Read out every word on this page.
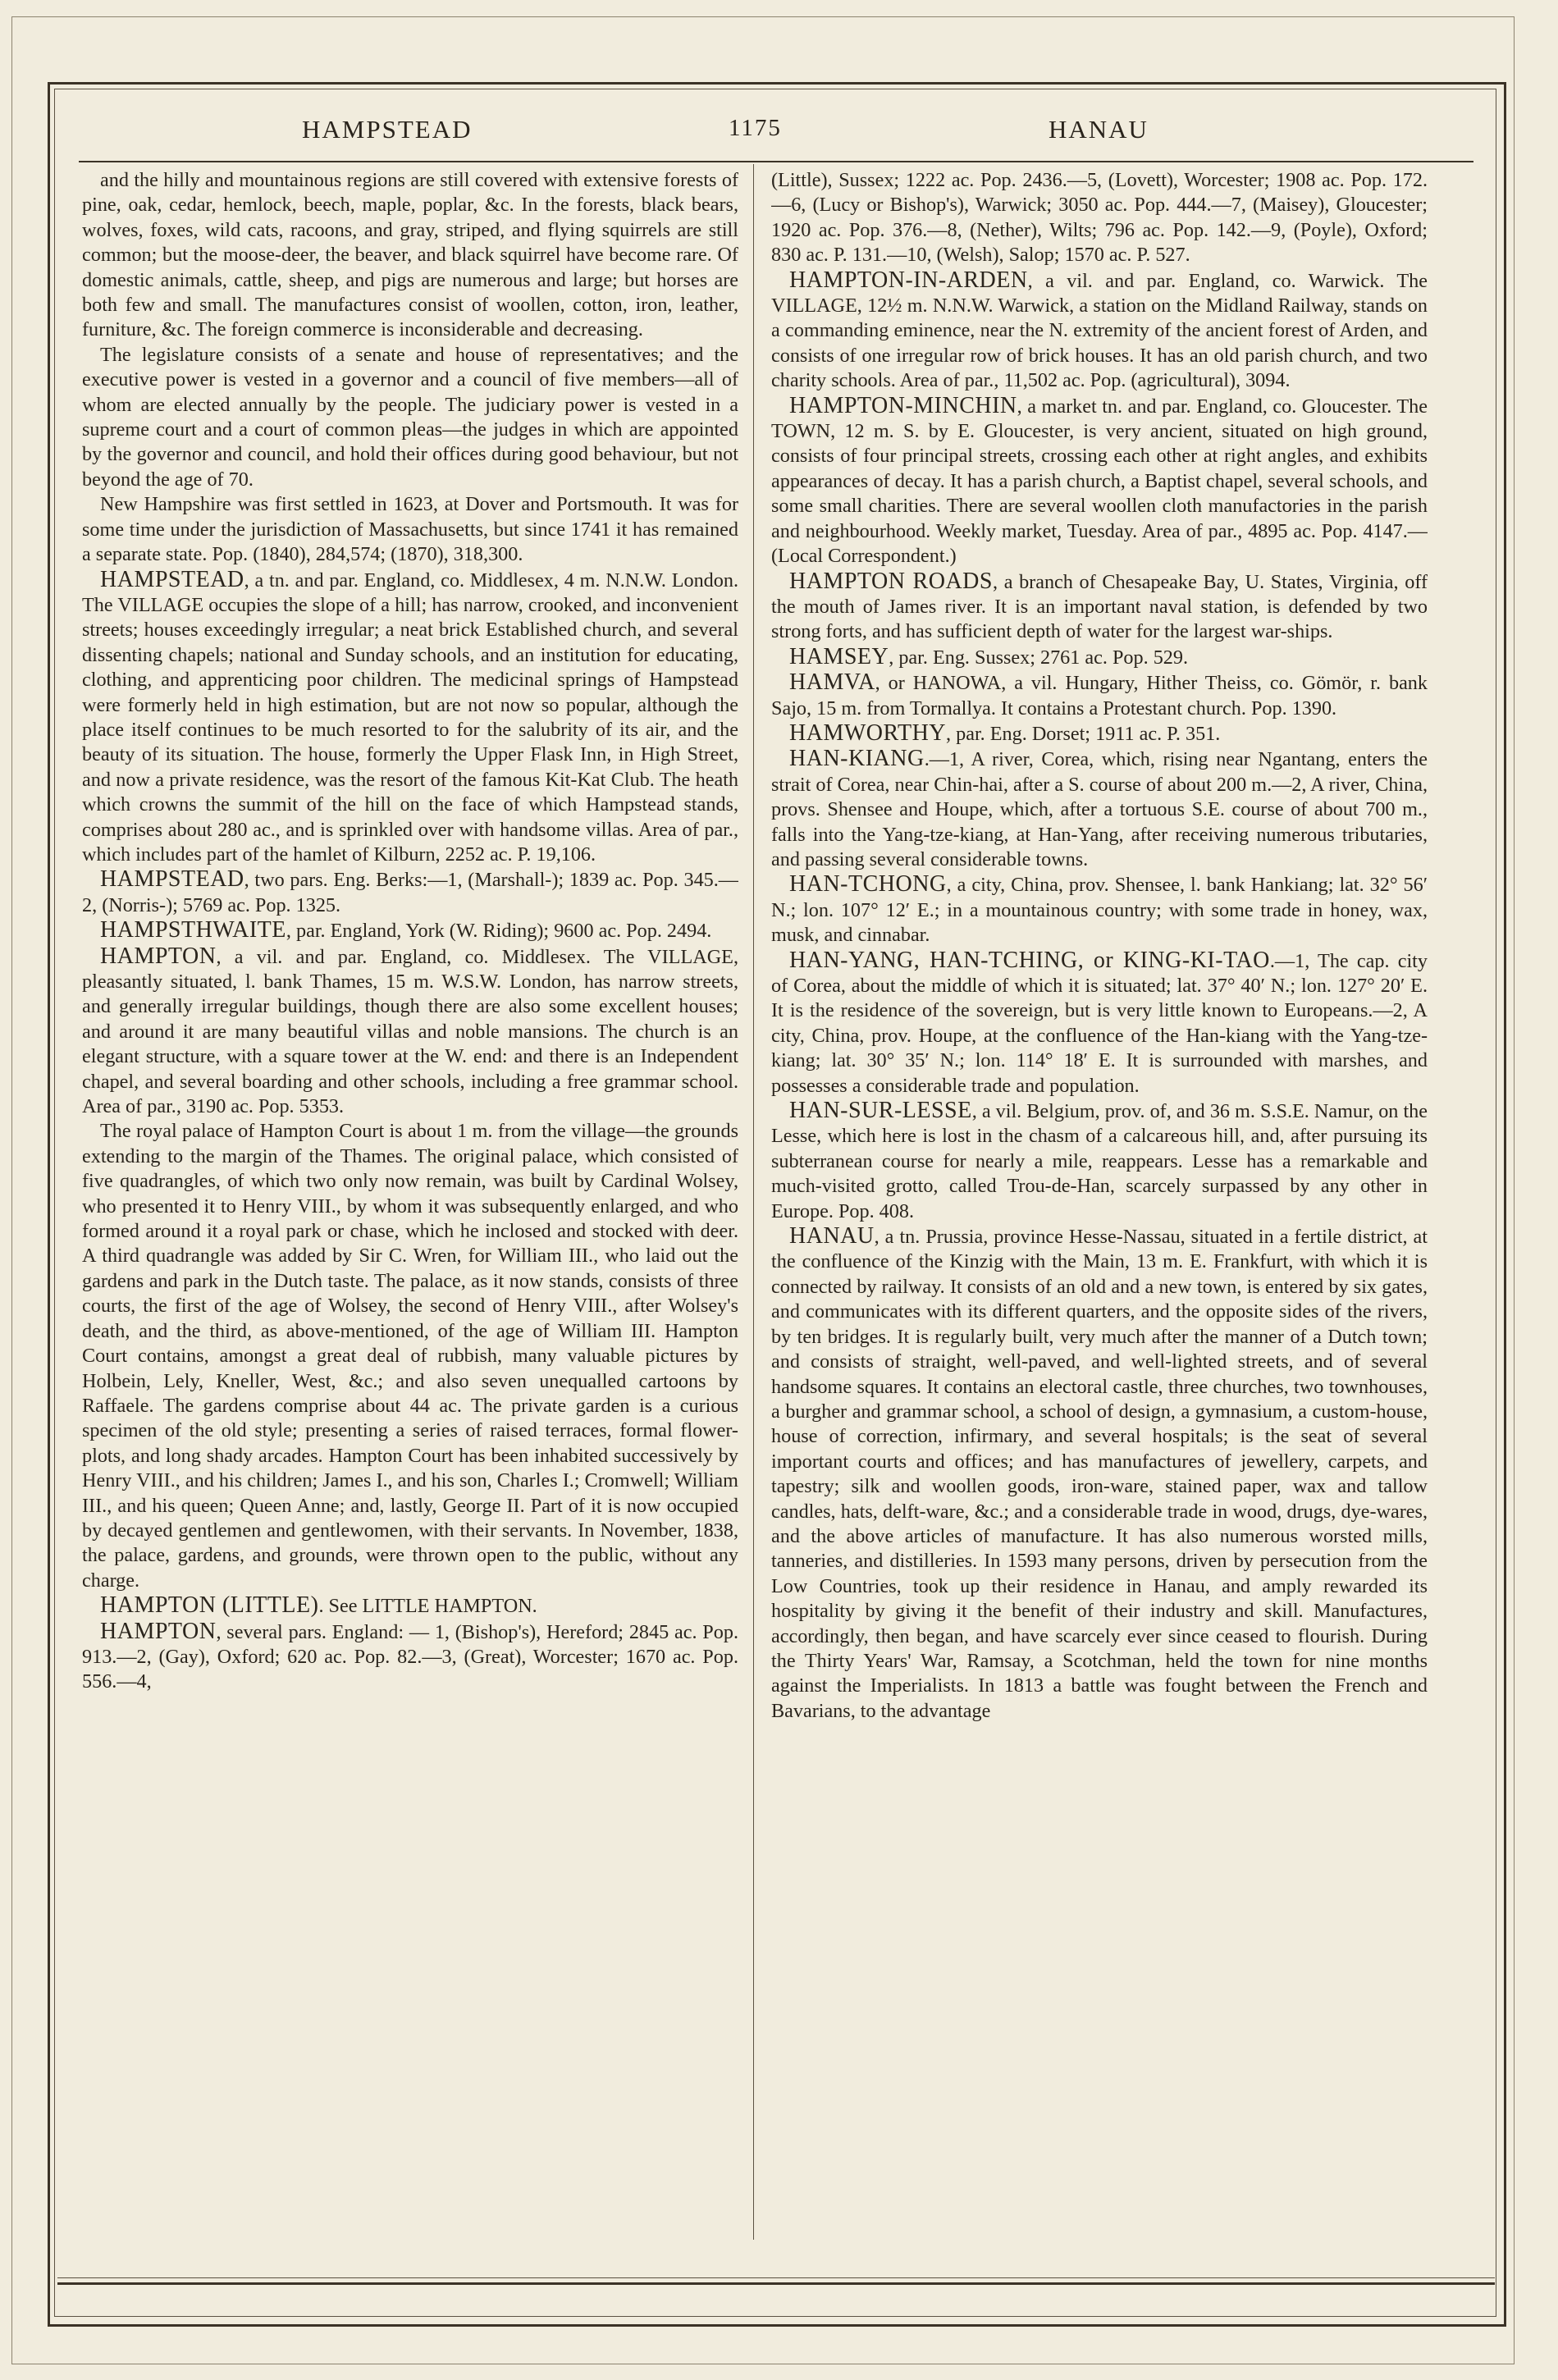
HAMPSTEAD	1175	HANAU

and the hilly and mountainous regions are still covered with extensive forests of pine, oak, cedar, hemlock, beech, maple, poplar, &c. In the forests, black bears, wolves, foxes, wild cats, racoons, and gray, striped, and flying squirrels are still common; but the moose-deer, the beaver, and black squirrel have become rare. Of domestic animals, cattle, sheep, and pigs are numerous and large; but horses are both few and small. The manufactures consist of woollen, cotton, iron, leather, furniture, &c. The foreign commerce is inconsiderable and decreasing.

The legislature consists of a senate and house of representatives; and the executive power is vested in a governor and a council of five members—all of whom are elected annually by the people. The judiciary power is vested in a supreme court and a court of common pleas—the judges in which are appointed by the governor and council, and hold their offices during good behaviour, but not beyond the age of 70.

New Hampshire was first settled in 1623, at Dover and Portsmouth. It was for some time under the jurisdiction of Massachusetts, but since 1741 it has remained a separate state. Pop. (1840), 284,574; (1870), 318,300.

HAMPSTEAD, a tn. and par. England, co. Middlesex, 4 m. N.N.W. London. The VILLAGE occupies the slope of a hill; has narrow, crooked, and inconvenient streets; houses exceedingly irregular; a neat brick Established church, and several dissenting chapels; national and Sunday schools, and an institution for educating, clothing, and apprenticing poor children. The medicinal springs of Hampstead were formerly held in high estimation, but are not now so popular, although the place itself continues to be much resorted to for the salubrity of its air, and the beauty of its situation. The house, formerly the Upper Flask Inn, in High Street, and now a private residence, was the resort of the famous Kit-Kat Club. The heath which crowns the summit of the hill on the face of which Hampstead stands, comprises about 280 ac., and is sprinkled over with handsome villas. Area of par., which includes part of the hamlet of Kilburn, 2252 ac. P. 19,106.

HAMPSTEAD, two pars. Eng. Berks:—1, (Marshall-); 1839 ac. Pop. 345.—2, (Norris-); 5769 ac. Pop. 1325.

HAMPSTHWAITE, par. England, York (W. Riding); 9600 ac. Pop. 2494.

HAMPTON, a vil. and par. England, co. Middlesex. The VILLAGE, pleasantly situated, l. bank Thames, 15 m. W.S.W. London, has narrow streets, and generally irregular buildings, though there are also some excellent houses; and around it are many beautiful villas and noble mansions. The church is an elegant structure, with a square tower at the W. end: and there is an Independent chapel, and several boarding and other schools, including a free grammar school. Area of par., 3190 ac. Pop. 5353.

The royal palace of Hampton Court is about 1 m. from the village—the grounds extending to the margin of the Thames. The original palace, which consisted of five quadrangles, of which two only now remain, was built by Cardinal Wolsey, who presented it to Henry VIII., by whom it was subsequently enlarged, and who formed around it a royal park or chase, which he inclosed and stocked with deer. A third quadrangle was added by Sir C. Wren, for William III., who laid out the gardens and park in the Dutch taste. The palace, as it now stands, consists of three courts, the first of the age of Wolsey, the second of Henry VIII., after Wolsey's death, and the third, as above-mentioned, of the age of William III. Hampton Court contains, amongst a great deal of rubbish, many valuable pictures by Holbein, Lely, Kneller, West, &c.; and also seven unequalled cartoons by Raffaele. The gardens comprise about 44 ac. The private garden is a curious specimen of the old style; presenting a series of raised terraces, formal flower-plots, and long shady arcades. Hampton Court has been inhabited successively by Henry VIII., and his children; James I., and his son, Charles I.; Cromwell; William III., and his queen; Queen Anne; and, lastly, George II. Part of it is now occupied by decayed gentlemen and gentlewomen, with their servants. In November, 1838, the palace, gardens, and grounds, were thrown open to the public, without any charge.

HAMPTON (LITTLE). See LITTLE HAMPTON.

HAMPTON, several pars. England: — 1, (Bishop's), Hereford; 2845 ac. Pop. 913.—2, (Gay), Oxford; 620 ac. Pop. 82.—3, (Great), Worcester; 1670 ac. Pop. 556.—4,

(Little), Sussex; 1222 ac. Pop. 2436.—5, (Lovett), Worcester; 1908 ac. Pop. 172.—6, (Lucy or Bishop's), Warwick; 3050 ac. Pop. 444.—7, (Maisey), Gloucester; 1920 ac. Pop. 376.—8, (Nether), Wilts; 796 ac. Pop. 142.—9, (Poyle), Oxford; 830 ac. P. 131.—10, (Welsh), Salop; 1570 ac. P. 527.

HAMPTON-IN-ARDEN, a vil. and par. England, co. Warwick. The VILLAGE, 12½ m. N.N.W. Warwick, a station on the Midland Railway, stands on a commanding eminence, near the N. extremity of the ancient forest of Arden, and consists of one irregular row of brick houses. It has an old parish church, and two charity schools. Area of par., 11,502 ac. Pop. (agricultural), 3094.

HAMPTON-MINCHIN, a market tn. and par. England, co. Gloucester. The TOWN, 12 m. S. by E. Gloucester, is very ancient, situated on high ground, consists of four principal streets, crossing each other at right angles, and exhibits appearances of decay. It has a parish church, a Baptist chapel, several schools, and some small charities. There are several woollen cloth manufactories in the parish and neighbourhood. Weekly market, Tuesday. Area of par., 4895 ac. Pop. 4147.—(Local Correspondent.)

HAMPTON ROADS, a branch of Chesapeake Bay, U. States, Virginia, off the mouth of James river. It is an important naval station, is defended by two strong forts, and has sufficient depth of water for the largest war-ships.

HAMSEY, par. Eng. Sussex; 2761 ac. Pop. 529.

HAMVA, or HANOWA, a vil. Hungary, Hither Theiss, co. Gömör, r. bank Sajo, 15 m. from Tormallya. It contains a Protestant church. Pop. 1390.

HAMWORTHY, par. Eng. Dorset; 1911 ac. P. 351.

HAN-KIANG.—1, A river, Corea, which, rising near Ngantang, enters the strait of Corea, near Chin-hai, after a S. course of about 200 m.—2, A river, China, provs. Shensee and Houpe, which, after a tortuous S.E. course of about 700 m., falls into the Yang-tze-kiang, at Han-Yang, after receiving numerous tributaries, and passing several considerable towns.

HAN-TCHONG, a city, China, prov. Shensee, l. bank Hankiang; lat. 32° 56′ N.; lon. 107° 12′ E.; in a mountainous country; with some trade in honey, wax, musk, and cinnabar.

HAN-YANG, HAN-TCHING, or KING-KI-TAO.—1, The cap. city of Corea, about the middle of which it is situated; lat. 37° 40′ N.; lon. 127° 20′ E. It is the residence of the sovereign, but is very little known to Europeans.—2, A city, China, prov. Houpe, at the confluence of the Han-kiang with the Yang-tze-kiang; lat. 30° 35′ N.; lon. 114° 18′ E. It is surrounded with marshes, and possesses a considerable trade and population.

HAN-SUR-LESSE, a vil. Belgium, prov. of, and 36 m. S.S.E. Namur, on the Lesse, which here is lost in the chasm of a calcareous hill, and, after pursuing its subterranean course for nearly a mile, reappears. Lesse has a remarkable and much-visited grotto, called Trou-de-Han, scarcely surpassed by any other in Europe. Pop. 408.

HANAU, a tn. Prussia, province Hesse-Nassau, situated in a fertile district, at the confluence of the Kinzig with the Main, 13 m. E. Frankfurt, with which it is connected by railway. It consists of an old and a new town, is entered by six gates, and communicates with its different quarters, and the opposite sides of the rivers, by ten bridges. It is regularly built, very much after the manner of a Dutch town; and consists of straight, well-paved, and well-lighted streets, and of several handsome squares. It contains an electoral castle, three churches, two townhouses, a burgher and grammar school, a school of design, a gymnasium, a custom-house, house of correction, infirmary, and several hospitals; is the seat of several important courts and offices; and has manufactures of jewellery, carpets, and tapestry; silk and woollen goods, iron-ware, stained paper, wax and tallow candles, hats, delft-ware, &c.; and a considerable trade in wood, drugs, dye-wares, and the above articles of manufacture. It has also numerous worsted mills, tanneries, and distilleries. In 1593 many persons, driven by persecution from the Low Countries, took up their residence in Hanau, and amply rewarded its hospitality by giving it the benefit of their industry and skill. Manufactures, accordingly, then began, and have scarcely ever since ceased to flourish. During the Thirty Years' War, Ramsay, a Scotchman, held the town for nine months against the Imperialists. In 1813 a battle was fought between the French and Bavarians, to the advantage
